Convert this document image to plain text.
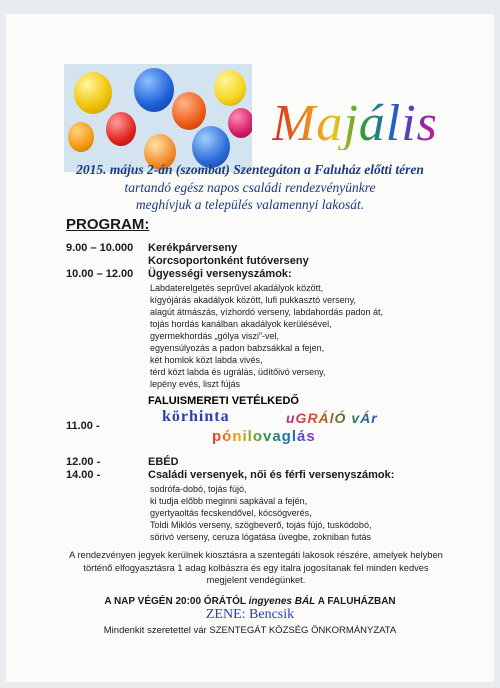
Majális
2015. május 2-án (szombat) Szentegáton a Faluház előtti téren
tartandó egész napos családi rendezvényünkre
meghívjuk a település valamennyi lakosát.
PROGRAM:
9.00 – 10.000 Kerékpárverseny
Korcsoportonként futóverseny
10.00 – 12.00 Ügyességi versenyszámok:
Labdaterelgetés seprűvel akadályok között,
kígyójárás akadályok között, lufi pukkasztó verseny,
alagút átmászás, vízhordó verseny, labdahordás padon át,
tojás hordás kanálban akadályok kerülésével,
gyermekhordás „gólya viszi”-vel,
egyensúlyozás a padon babzsákkal a fejen,
két homlok közt labda vivés,
térd közt labda és ugrálás, üdítőivó verseny,
lepény evés, liszt fújás
FALUISMERETI VETÉLKEDŐ
11.00 -
körhinta	uGRÁlÓ vÁr
pónilovaglás
12.00 -	EBÉD
14.00 -	Családi versenyek, női és férfi versenyszámok:
sodrófa-dobó, tojás fújó,
ki tudja előbb meginni sapkával a fején,
gyertyaoltás fecskendővel, kócsögverés,
Toldi Miklós verseny, szögbeverő, tojás fújó, tuskódobó,
sörivó verseny, ceruza lógatása üvegbe, zokniban futás
A rendezvényen jegyek kerülnek kiosztásra a szentegáti lakosok részére, amelyek helyben történő elfogyasztásra 1 adag kolbászra és egy italra jogosítanak fel minden kedves megjelent vendégünket.
A NAP VÉGÉN 20:00 ÓRÁTÓL ingyenes BÁL A FALUHÁZBAN
ZENE: Bencsik
Mindenkit szeretettel vár SZENTEGÁT KÖZSÉG ÖNKORMÁNYZATA
